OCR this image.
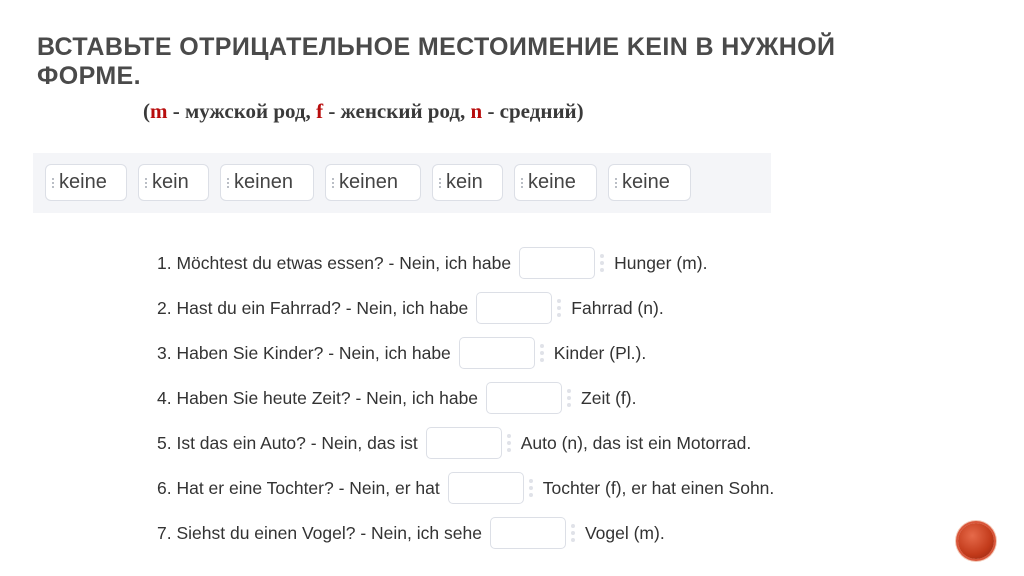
ВСТАВЬТЕ ОТРИЦАТЕЛЬНОЕ МЕСТОИМЕНИЕ KEIN В НУЖНОЙ ФОРМЕ.
(m - мужской род, f - женский род, n - средний)
keine kein keinen keinen kein keine keine
1. Möchtest du etwas essen? - Nein, ich habe	Hunger (m).
2. Hast du ein Fahrrad? - Nein, ich habe	Fahrrad (n).
3. Haben Sie Kinder? - Nein, ich habe	Kinder (Pl.).
4. Haben Sie heute Zeit? - Nein, ich habe	Zeit (f).
5. Ist das ein Auto? - Nein, das ist	Auto (n), das ist ein Motorrad.
6. Hat er eine Tochter? - Nein, er hat	Tochter (f), er hat einen Sohn.
7. Siehst du einen Vogel? - Nein, ich sehe	Vogel (m).
